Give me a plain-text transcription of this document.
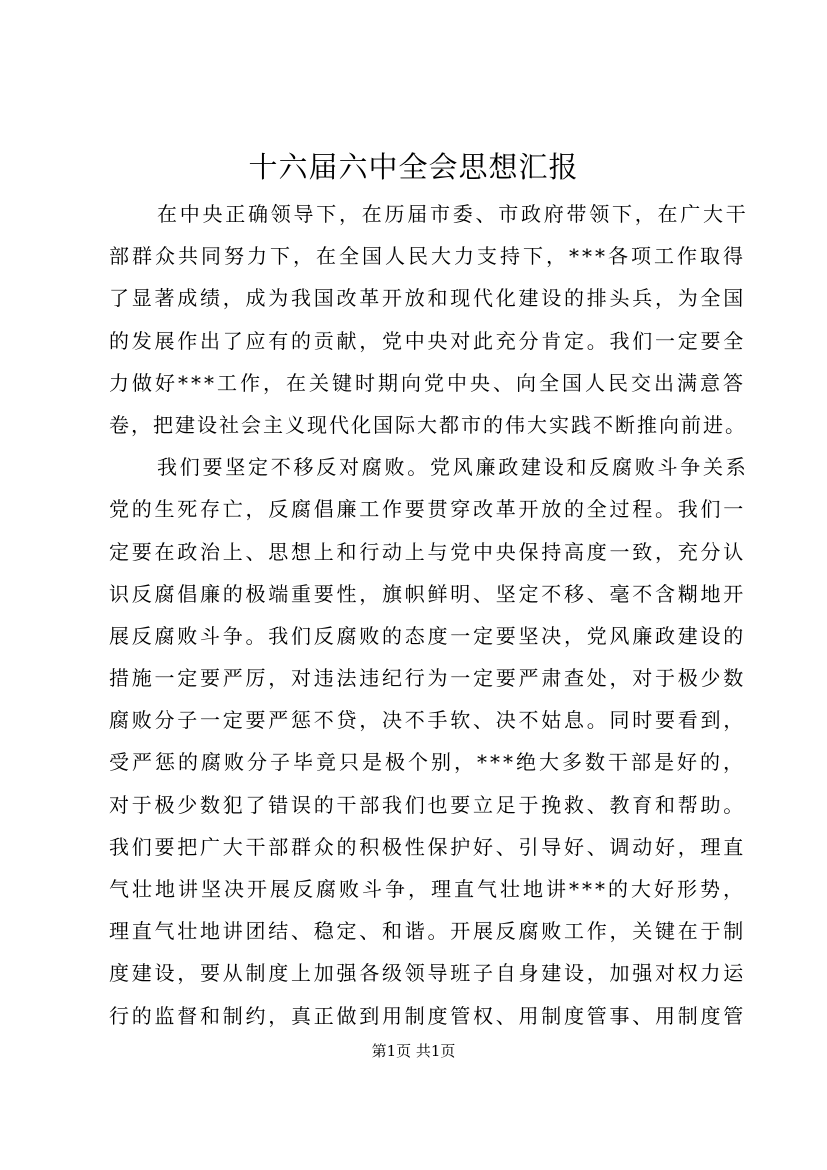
十六届六中全会思想汇报
在中央正确领导下，在历届市委、市政府带领下，在广大干
部群众共同努力下，在全国人民大力支持下，***各项工作取得
了显著成绩，成为我国改革开放和现代化建设的排头兵，为全国
的发展作出了应有的贡献，党中央对此充分肯定。我们一定要全
力做好***工作，在关键时期向党中央、向全国人民交出满意答
卷，把建设社会主义现代化国际大都市的伟大实践不断推向前进。
我们要坚定不移反对腐败。党风廉政建设和反腐败斗争关系
党的生死存亡，反腐倡廉工作要贯穿改革开放的全过程。我们一
定要在政治上、思想上和行动上与党中央保持高度一致，充分认
识反腐倡廉的极端重要性，旗帜鲜明、坚定不移、毫不含糊地开
展反腐败斗争。我们反腐败的态度一定要坚决，党风廉政建设的
措施一定要严厉，对违法违纪行为一定要严肃查处，对于极少数
腐败分子一定要严惩不贷，决不手软、决不姑息。同时要看到，
受严惩的腐败分子毕竟只是极个别，***绝大多数干部是好的，
对于极少数犯了错误的干部我们也要立足于挽救、教育和帮助。
我们要把广大干部群众的积极性保护好、引导好、调动好，理直
气壮地讲坚决开展反腐败斗争，理直气壮地讲***的大好形势，
理直气壮地讲团结、稳定、和谐。开展反腐败工作，关键在于制
度建设，要从制度上加强各级领导班子自身建设，加强对权力运
行的监督和制约，真正做到用制度管权、用制度管事、用制度管
第1页 共1页
